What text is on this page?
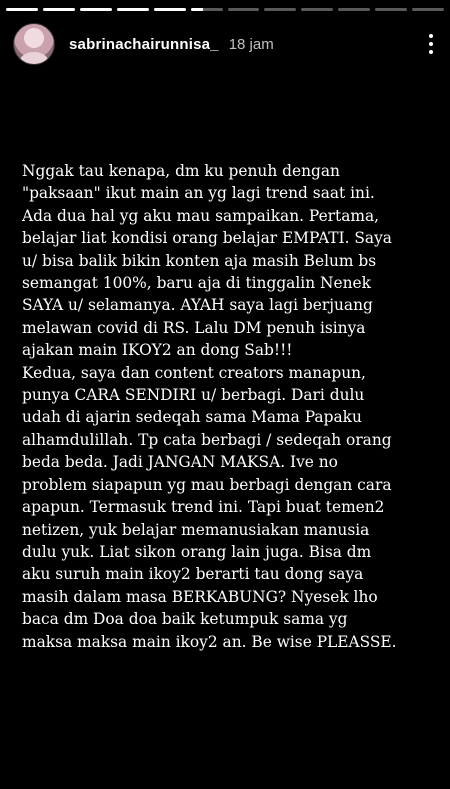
sabrinachairunnisa_ 18 jam
Nggak tau kenapa, dm ku penuh dengan
"paksaan" ikut main an yg lagi trend saat ini.
Ada dua hal yg aku mau sampaikan. Pertama,
belajar liat kondisi orang belajar EMPATI. Saya
u/ bisa balik bikin konten aja masih Belum bs
semangat 100%, baru aja di tinggalin Nenek
SAYA u/ selamanya. AYAH saya lagi berjuang
melawan covid di RS. Lalu DM penuh isinya
ajakan main IKOY2 an dong Sab!!!
Kedua, saya dan content creators manapun,
punya CARA SENDIRI u/ berbagi. Dari dulu
udah di ajarin sedeqah sama Mama Papaku
alhamdulillah. Tp cata berbagi / sedeqah orang
beda beda. Jadi JANGAN MAKSA. Ive no
problem siapapun yg mau berbagi dengan cara
apapun. Termasuk trend ini. Tapi buat temen2
netizen, yuk belajar memanusiakan manusia
dulu yuk. Liat sikon orang lain juga. Bisa dm
aku suruh main ikoy2 berarti tau dong saya
masih dalam masa BERKABUNG? Nyesek lho
baca dm Doa doa baik ketumpuk sama yg
maksa maksa main ikoy2 an. Be wise PLEASSE.
